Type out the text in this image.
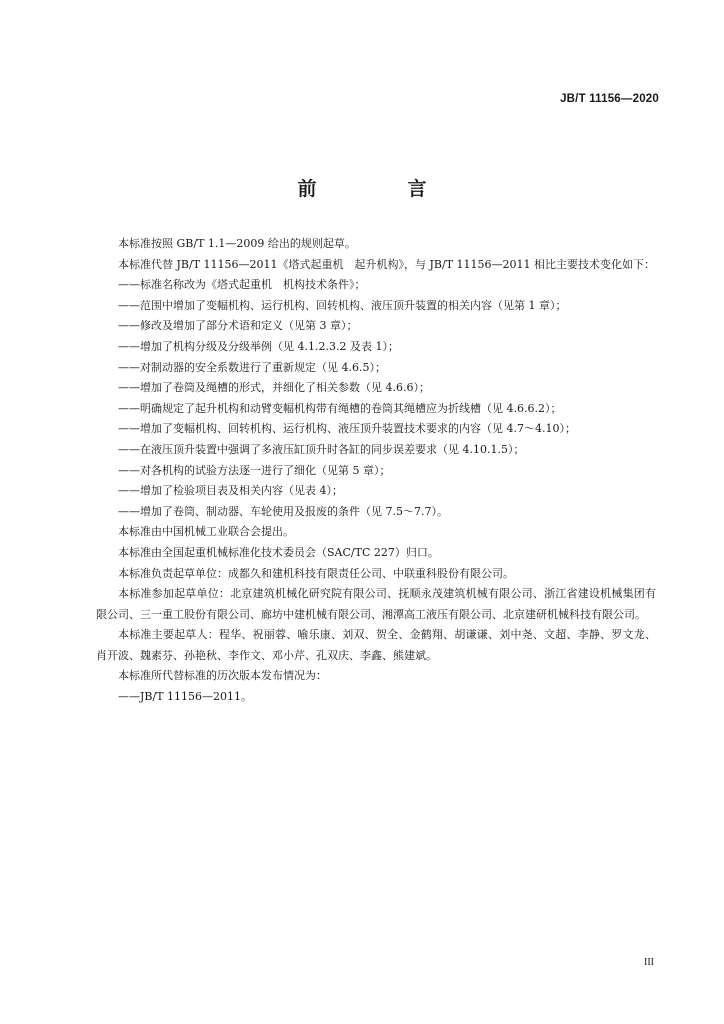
JB/T 11156—2020
前　言

本标准按照 GB/T 1.1—2009 给出的规则起草。

本标准代替 JB/T 11156—2011《塔式起重机　起升机构》，与 JB/T 11156—2011 相比主要技术变化如下：

——标准名称改为《塔式起重机　机构技术条件》；

——范围中增加了变幅机构、运行机构、回转机构、液压顶升装置的相关内容（见第 1 章）；

——修改及增加了部分术语和定义（见第 3 章）；

——增加了机构分级及分级举例（见 4.1.2.3.2 及表 1）；

——对制动器的安全系数进行了重新规定（见 4.6.5）；

——增加了卷筒及绳槽的形式，并细化了相关参数（见 4.6.6）；

——明确规定了起升机构和动臂变幅机构带有绳槽的卷筒其绳槽应为折线槽（见 4.6.6.2）；

——增加了变幅机构、回转机构、运行机构、液压顶升装置技术要求的内容（见 4.7～4.10）；

——在液压顶升装置中强调了多液压缸顶升时各缸的同步误差要求（见 4.10.1.5）；

——对各机构的试验方法逐一进行了细化（见第 5 章）；

——增加了检验项目表及相关内容（见表 4）；

——增加了卷筒、制动器、车轮使用及报废的条件（见 7.5～7.7）。

本标准由中国机械工业联合会提出。

本标准由全国起重机械标准化技术委员会（SAC/TC 227）归口。

本标准负责起草单位：成都久和建机科技有限责任公司、中联重科股份有限公司。

本标准参加起草单位：北京建筑机械化研究院有限公司、抚顺永茂建筑机械有限公司、浙江省建设机械集团有限公司、三一重工股份有限公司、廊坊中建机械有限公司、湘潭高工液压有限公司、北京建研机械科技有限公司。

本标准主要起草人：程华、祝丽蓉、喻乐康、刘双、贺全、金鹤翔、胡谦谦、刘中尧、文超、李静、罗文龙、肖开波、魏素芬、孙艳秋、李作文、邓小芹、孔双庆、李鑫、熊建斌。

本标准所代替标准的历次版本发布情况为：

——JB/T 11156—2011。

III
